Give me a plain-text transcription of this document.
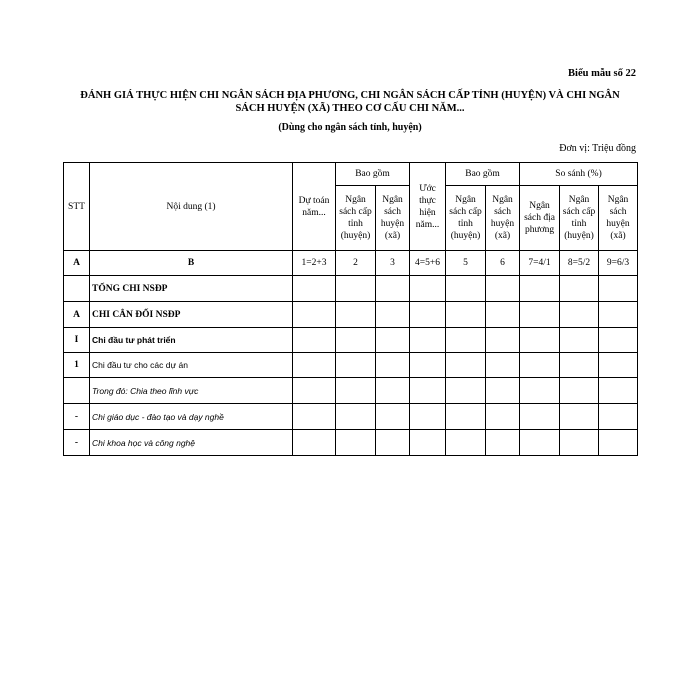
Biểu mẫu số 22
ĐÁNH GIÁ THỰC HIỆN CHI NGÂN SÁCH ĐỊA PHƯƠNG, CHI NGÂN SÁCH CẤP TỈNH (HUYỆN) VÀ CHI NGÂN
SÁCH HUYỆN (XÃ) THEO CƠ CẤU CHI NĂM...
(Dùng cho ngân sách tỉnh, huyện)
Đơn vị: Triệu đồng
STT	Nội dung (1)	Dự toán năm...	Bao gồm		Ước thực hiện năm...	Bao gồm		So sánh (%)		
			Ngân sách cấp tỉnh (huyện)	Ngân sách huyện (xã)		Ngân sách cấp tỉnh (huyện)	Ngân sách huyện (xã)	Ngân sách địa phương	Ngân sách cấp tỉnh (huyện)	Ngân sách huyện (xã)
A	B	1=2+3	2	3	4=5+6	5	6	7=4/1	8=5/2	9=6/3
	TỔNG CHI NSĐP									
A	CHI CÂN ĐỐI NSĐP									
I	Chi đầu tư phát triển									
1	Chi đầu tư cho các dự án									
	Trong đó: Chia theo lĩnh vực									
-	Chi giáo dục - đào tạo và dạy nghề									
-	Chi khoa học và công nghệ									
